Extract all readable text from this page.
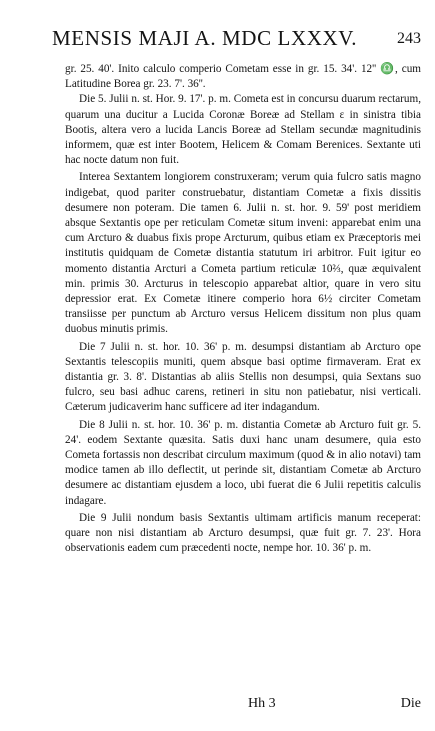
MENSIS MAJI A. MDC LXXXV. 243

gr. 25. 40'. Inito calculo comperio Cometam esse in gr. 15. 34'. 12'' ♎, cum Latitudine Borea gr. 23. 7'. 36''.

Die 5. Julii n. st. Hor. 9. 17'. p. m. Cometa est in concursu duarum rectarum, quarum una ducitur a Lucida Coronæ Boreæ ad Stellam ε in sinistra tibia Bootis, altera vero a lucida Lancis Boreæ ad Stellam secundæ magnitudinis informem, quæ est inter Bootem, Helicem & Comam Berenices. Sextante uti hac nocte datum non fuit.

Interea Sextantem longiorem construxeram; verum quia fulcro satis magno indigebat, quod pariter construebatur, distantiam Cometæ a fixis dissitis desumere non poteram. Die tamen 6. Julii n. st. hor. 9. 59' post meridiem absque Sextantis ope per reticulam Cometæ situm inveni: apparebat enim una cum Arcturo & duabus fixis prope Arcturum, quibus etiam ex Præceptoris mei institutis quidquam de Cometæ distantia statutum iri arbitror. Fuit igitur eo momento distantia Arcturi a Cometa partium reticulæ 10⅔, quæ æquivalent min. primis 30. Arcturus in telescopio apparebat altior, quare in vero situ depressior erat. Ex Cometæ itinere comperio hora 6½ circiter Cometam transiisse per punctum ab Arcturo versus Helicem dissitum non plus quam duobus minutis primis.

Die 7 Julii n. st. hor. 10. 36' p. m. desumpsi distantiam ab Arcturo ope Sextantis telescopiis muniti, quem absque basi optime firmaveram. Erat ex distantia gr. 3. 8'. Distantias ab aliis Stellis non desumpsi, quia Sextans suo fulcro, seu basi adhuc carens, retineri in situ non patiebatur, nisi verticali. Cæterum judicaverim hanc sufficere ad iter indagandum.

Die 8 Julii n. st. hor. 10. 36' p. m. distantia Cometæ ab Arcturo fuit gr. 5. 24'. eodem Sextante quæsita. Satis duxi hanc unam desumere, quia esto Cometa fortassis non describat circulum maximum (quod & in alio notavi) tam modice tamen ab illo deflectit, ut perinde sit, distantiam Cometæ ab Arcturo desumere ac distantiam ejusdem a loco, ubi fuerat die 6 Julii repetitis calculis indagare.

Die 9 Julii nondum basis Sextantis ultimam artificis manum receperat: quare non nisi distantiam ab Arcturo desumpsi, quæ fuit gr. 7. 23'. Hora observationis eadem cum præcedenti nocte, nempe hor. 10. 36' p. m.

Hh 3	Die
